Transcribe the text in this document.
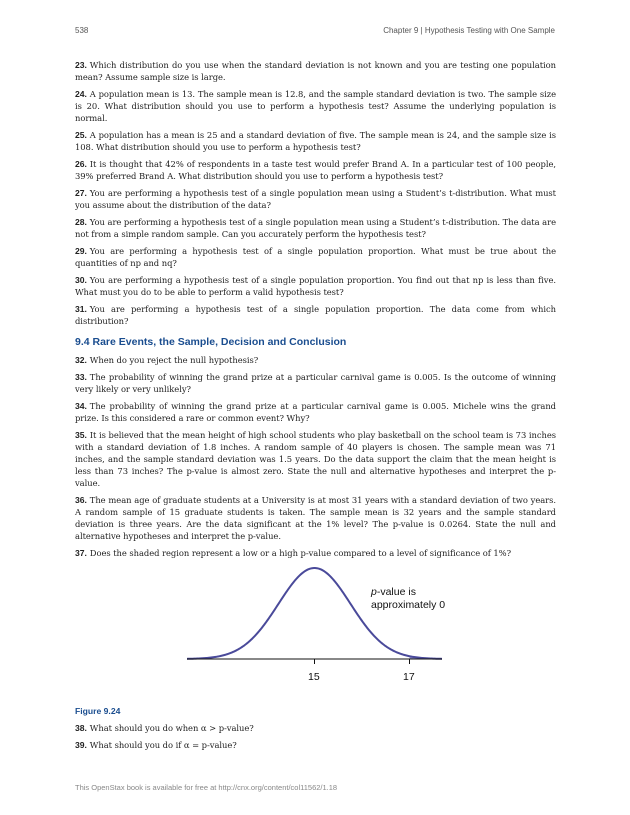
538	Chapter 9 | Hypothesis Testing with One Sample

23. Which distribution do you use when the standard deviation is not known and you are testing one population mean? Assume sample size is large.

24. A population mean is 13. The sample mean is 12.8, and the sample standard deviation is two. The sample size is 20. What distribution should you use to perform a hypothesis test? Assume the underlying population is normal.

25. A population has a mean is 25 and a standard deviation of five. The sample mean is 24, and the sample size is 108. What distribution should you use to perform a hypothesis test?

26. It is thought that 42% of respondents in a taste test would prefer Brand A. In a particular test of 100 people, 39% preferred Brand A. What distribution should you use to perform a hypothesis test?

27. You are performing a hypothesis test of a single population mean using a Student’s t-distribution. What must you assume about the distribution of the data?

28. You are performing a hypothesis test of a single population mean using a Student’s t-distribution. The data are not from a simple random sample. Can you accurately perform the hypothesis test?

29. You are performing a hypothesis test of a single population proportion. What must be true about the quantities of np and nq?

30. You are performing a hypothesis test of a single population proportion. You find out that np is less than five. What must you do to be able to perform a valid hypothesis test?

31. You are performing a hypothesis test of a single population proportion. The data come from which distribution?

9.4 Rare Events, the Sample, Decision and Conclusion

32. When do you reject the null hypothesis?

33. The probability of winning the grand prize at a particular carnival game is 0.005. Is the outcome of winning very likely or very unlikely?

34. The probability of winning the grand prize at a particular carnival game is 0.005. Michele wins the grand prize. Is this considered a rare or common event? Why?

35. It is believed that the mean height of high school students who play basketball on the school team is 73 inches with a standard deviation of 1.8 inches. A random sample of 40 players is chosen. The sample mean was 71 inches, and the sample standard deviation was 1.5 years. Do the data support the claim that the mean height is less than 73 inches? The p-value is almost zero. State the null and alternative hypotheses and interpret the p-value.

36. The mean age of graduate students at a University is at most 31 years with a standard deviation of two years. A random sample of 15 graduate students is taken. The sample mean is 32 years and the sample standard deviation is three years. Are the data significant at the 1% level? The p-value is 0.0264. State the null and alternative hypotheses and interpret the p-value.

37. Does the shaded region represent a low or a high p-value compared to a level of significance of 1%?

p-value is
approximately 0
15	17
Figure 9.24

38. What should you do when α > p-value?

39. What should you do if α = p-value?

This OpenStax book is available for free at http://cnx.org/content/col11562/1.18
